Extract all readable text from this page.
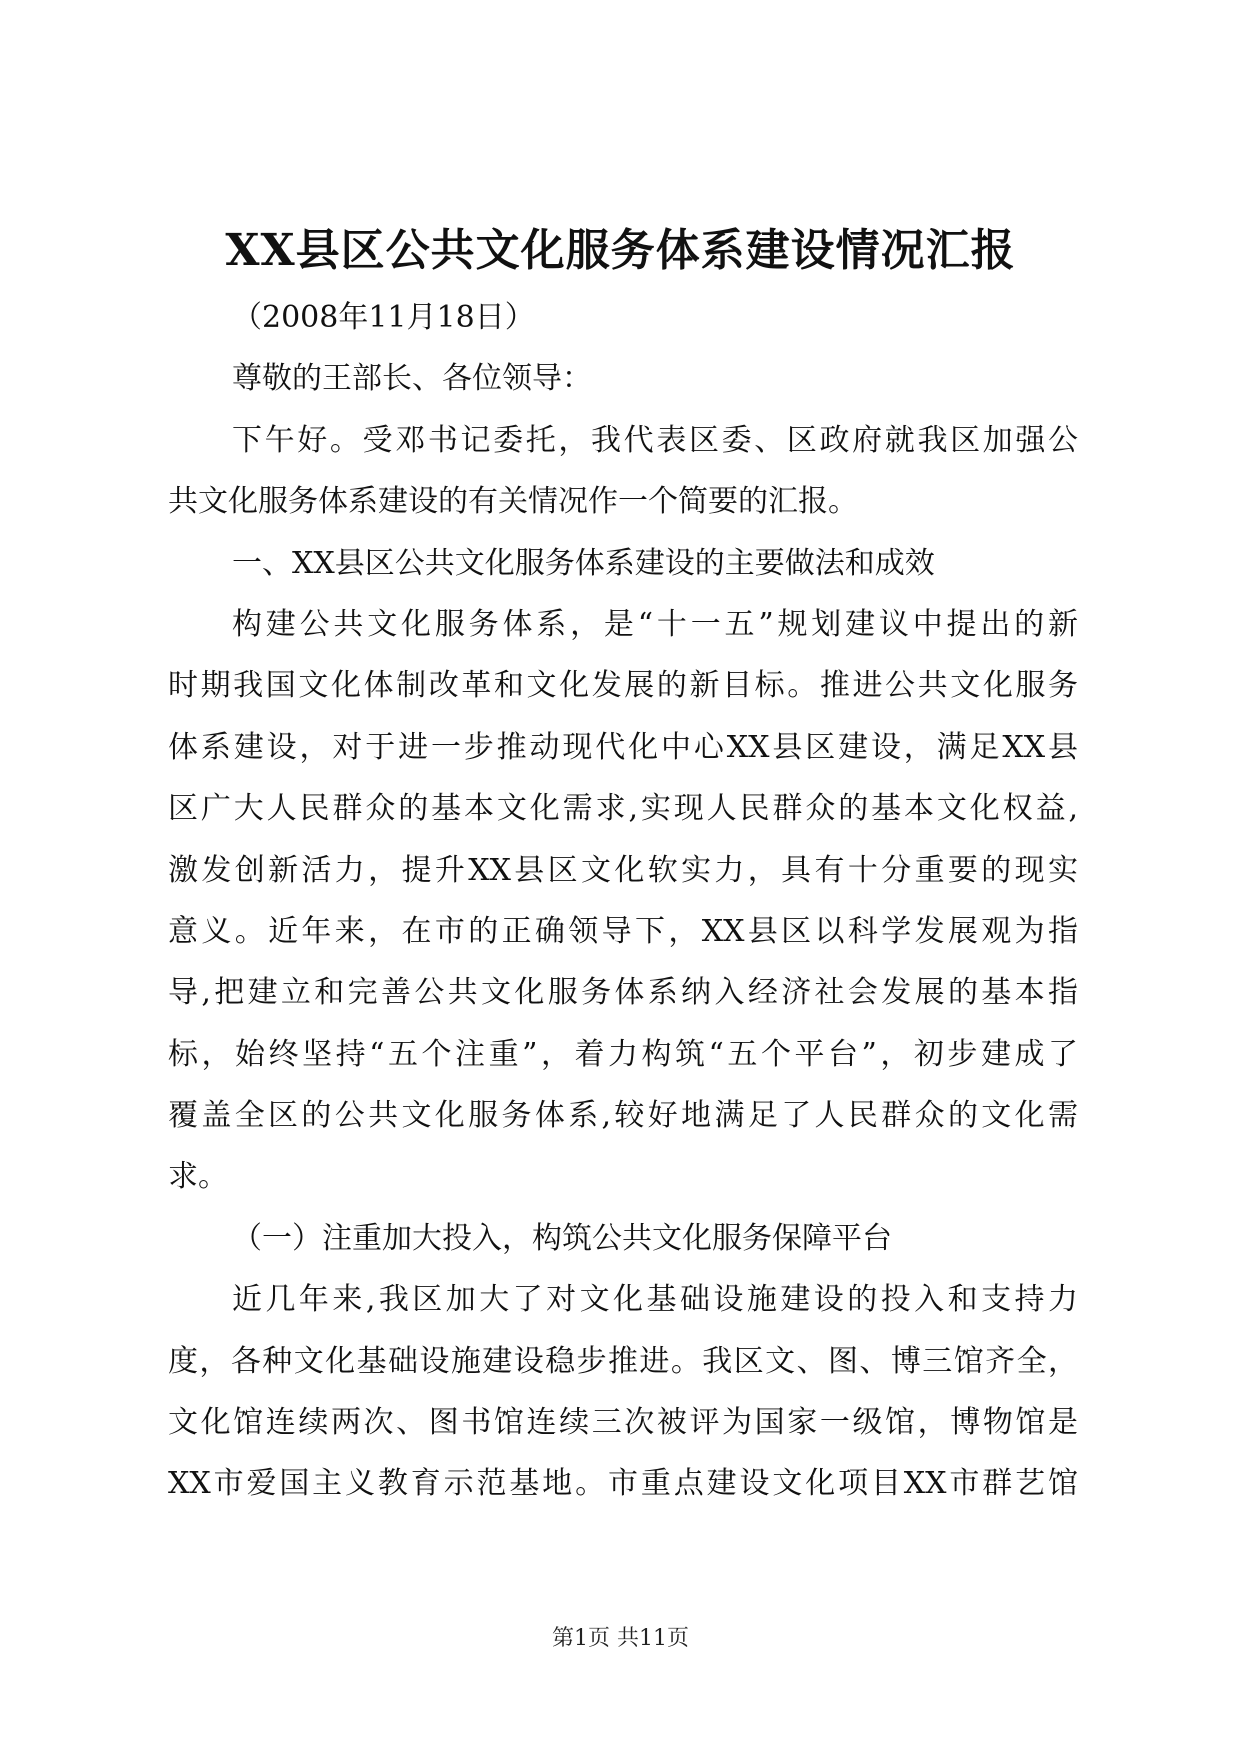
XX县区公共文化服务体系建设情况汇报
（2008年11月18日）
尊敬的王部长、各位领导：
下午好。受邓书记委托，我代表区委、区政府就我区加强公
共文化服务体系建设的有关情况作一个简要的汇报。
一、XX县区公共文化服务体系建设的主要做法和成效
构建公共文化服务体系，是“十一五”规划建议中提出的新
时期我国文化体制改革和文化发展的新目标。推进公共文化服务
体系建设，对于进一步推动现代化中心XX县区建设，满足XX县
区广大人民群众的基本文化需求,实现人民群众的基本文化权益,
激发创新活力，提升XX县区文化软实力，具有十分重要的现实
意义。近年来，在市的正确领导下，XX县区以科学发展观为指
导,把建立和完善公共文化服务体系纳入经济社会发展的基本指
标，始终坚持“五个注重”，着力构筑“五个平台”，初步建成了
覆盖全区的公共文化服务体系,较好地满足了人民群众的文化需
求。
（一）注重加大投入，构筑公共文化服务保障平台
近几年来,我区加大了对文化基础设施建设的投入和支持力
度，各种文化基础设施建设稳步推进。我区文、图、博三馆齐全，
文化馆连续两次、图书馆连续三次被评为国家一级馆，博物馆是
XX市爱国主义教育示范基地。市重点建设文化项目XX市群艺馆
第1页 共11页
